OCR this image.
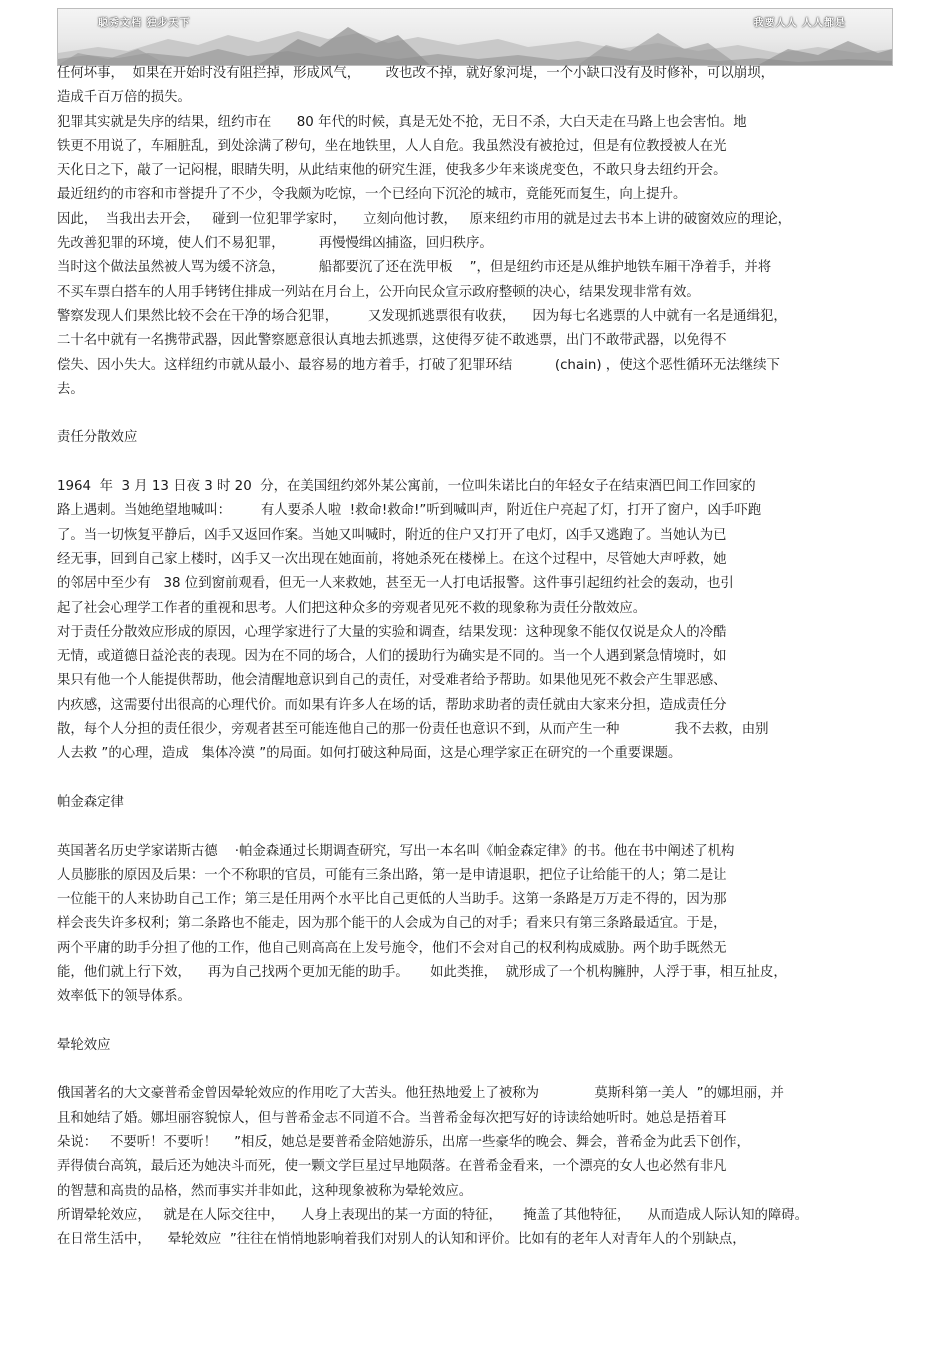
聪秀文档 独步天下	我要人人 人人都是
任何坏事，  如果在开始时没有阻拦掉，形成风气，      改也改不掉，就好象河堤，一个小缺口没有及时修补，可以崩坝，
造成千百万倍的损失。
犯罪其实就是失序的结果，纽约市在      80 年代的时候，真是无处不抢，无日不杀，大白天走在马路上也会害怕。地
铁更不用说了，车厢脏乱，到处涂满了秽句，坐在地铁里，人人自危。我虽然没有被抢过，但是有位教授被人在光
天化日之下，敲了一记闷棍，眼睛失明，从此结束他的研究生涯，使我多少年来谈虎变色，不敢只身去纽约开会。
最近纽约的市容和市誉提升了不少，令我颇为吃惊，一个已经向下沉沦的城市，竟能死而复生，向上提升。
因此，  当我出去开会，   碰到一位犯罪学家时，    立刻向他讨教，   原来纽约市用的就是过去书本上讲的破窗效应的理论，
先改善犯罪的环境，使人们不易犯罪，        再慢慢缉凶捕盗，回归秩序。
当时这个做法虽然被人骂为缓不济急，        船都要沉了还在洗甲板    ”，但是纽约市还是从维护地铁车厢干净着手，并将
不买车票白搭车的人用手铐铐住排成一列站在月台上，公开向民众宣示政府整顿的决心，结果发现非常有效。
警察发现人们果然比较不会在干净的场合犯罪，       又发现抓逃票很有收获，    因为每七名逃票的人中就有一名是通缉犯，
二十名中就有一名携带武器，因此警察愿意很认真地去抓逃票，这使得歹徒不敢逃票，出门不敢带武器，以免得不
偿失、因小失大。这样纽约市就从最小、最容易的地方着手，打破了犯罪环结          (chain) ，使这个恶性循环无法继续下
去。
责任分散效应
1964  年  3 月 13 日夜 3 时 20  分，在美国纽约郊外某公寓前，一位叫朱诺比白的年轻女子在结束酒巴间工作回家的
路上遇刺。当她绝望地喊叫：       有人要杀人啦  !救命!救命!”听到喊叫声，附近住户亮起了灯，打开了窗户，凶手吓跑
了。当一切恢复平静后，凶手又返回作案。当她又叫喊时，附近的住户又打开了电灯，凶手又逃跑了。当她认为已
经无事，回到自己家上楼时，凶手又一次出现在她面前，将她杀死在楼梯上。在这个过程中，尽管她大声呼救，她
的邻居中至少有   38 位到窗前观看，但无一人来救她，甚至无一人打电话报警。这件事引起纽约社会的轰动，也引
起了社会心理学工作者的重视和思考。人们把这种众多的旁观者见死不救的现象称为责任分散效应。
对于责任分散效应形成的原因，心理学家进行了大量的实验和调查，结果发现：这种现象不能仅仅说是众人的冷酷
无情，或道德日益沦丧的表现。因为在不同的场合，人们的援助行为确实是不同的。当一个人遇到紧急情境时，如
果只有他一个人能提供帮助，他会清醒地意识到自己的责任，对受难者给予帮助。如果他见死不救会产生罪恶感、
内疚感，这需要付出很高的心理代价。而如果有许多人在场的话，帮助求助者的责任就由大家来分担，造成责任分
散，每个人分担的责任很少，旁观者甚至可能连他自己的那一份责任也意识不到，从而产生一种             我不去救，由别
人去救 ”的心理，造成   集体冷漠 ”的局面。如何打破这种局面，这是心理学家正在研究的一个重要课题。
帕金森定律
英国著名历史学家诺斯古德    ·帕金森通过长期调查研究，写出一本名叫《帕金森定律》的书。他在书中阐述了机构
人员膨胀的原因及后果：一个不称职的官员，可能有三条出路，第一是申请退职，把位子让给能干的人；第二是让
一位能干的人来协助自己工作；第三是任用两个水平比自己更低的人当助手。这第一条路是万万走不得的，因为那
样会丧失许多权利；第二条路也不能走，因为那个能干的人会成为自己的对手；看来只有第三条路最适宜。于是，
两个平庸的助手分担了他的工作，他自己则高高在上发号施令，他们不会对自己的权利构成威胁。两个助手既然无
能，他们就上行下效，    再为自己找两个更加无能的助手。     如此类推，  就形成了一个机构臃肿，人浮于事，相互扯皮，
效率低下的领导体系。
晕轮效应
俄国著名的大文豪普希金曾因晕轮效应的作用吃了大苦头。他狂热地爱上了被称为             莫斯科第一美人  ”的娜坦丽，并
且和她结了婚。娜坦丽容貌惊人，但与普希金志不同道不合。当普希金每次把写好的诗读给她听时。她总是捂着耳
朵说：   不要听！不要听！    ”相反，她总是要普希金陪她游乐，出席一些豪华的晚会、舞会，普希金为此丢下创作，
弄得债台高筑，最后还为她决斗而死，使一颗文学巨星过早地陨落。在普希金看来，一个漂亮的女人也必然有非凡
的智慧和高贵的品格，然而事实并非如此，这种现象被称为晕轮效应。
所谓晕轮效应，   就是在人际交往中，    人身上表现出的某一方面的特征，     掩盖了其他特征，    从而造成人际认知的障碍。
在日常生活中，    晕轮效应  ”往往在悄悄地影响着我们对别人的认知和评价。比如有的老年人对青年人的个别缺点，
